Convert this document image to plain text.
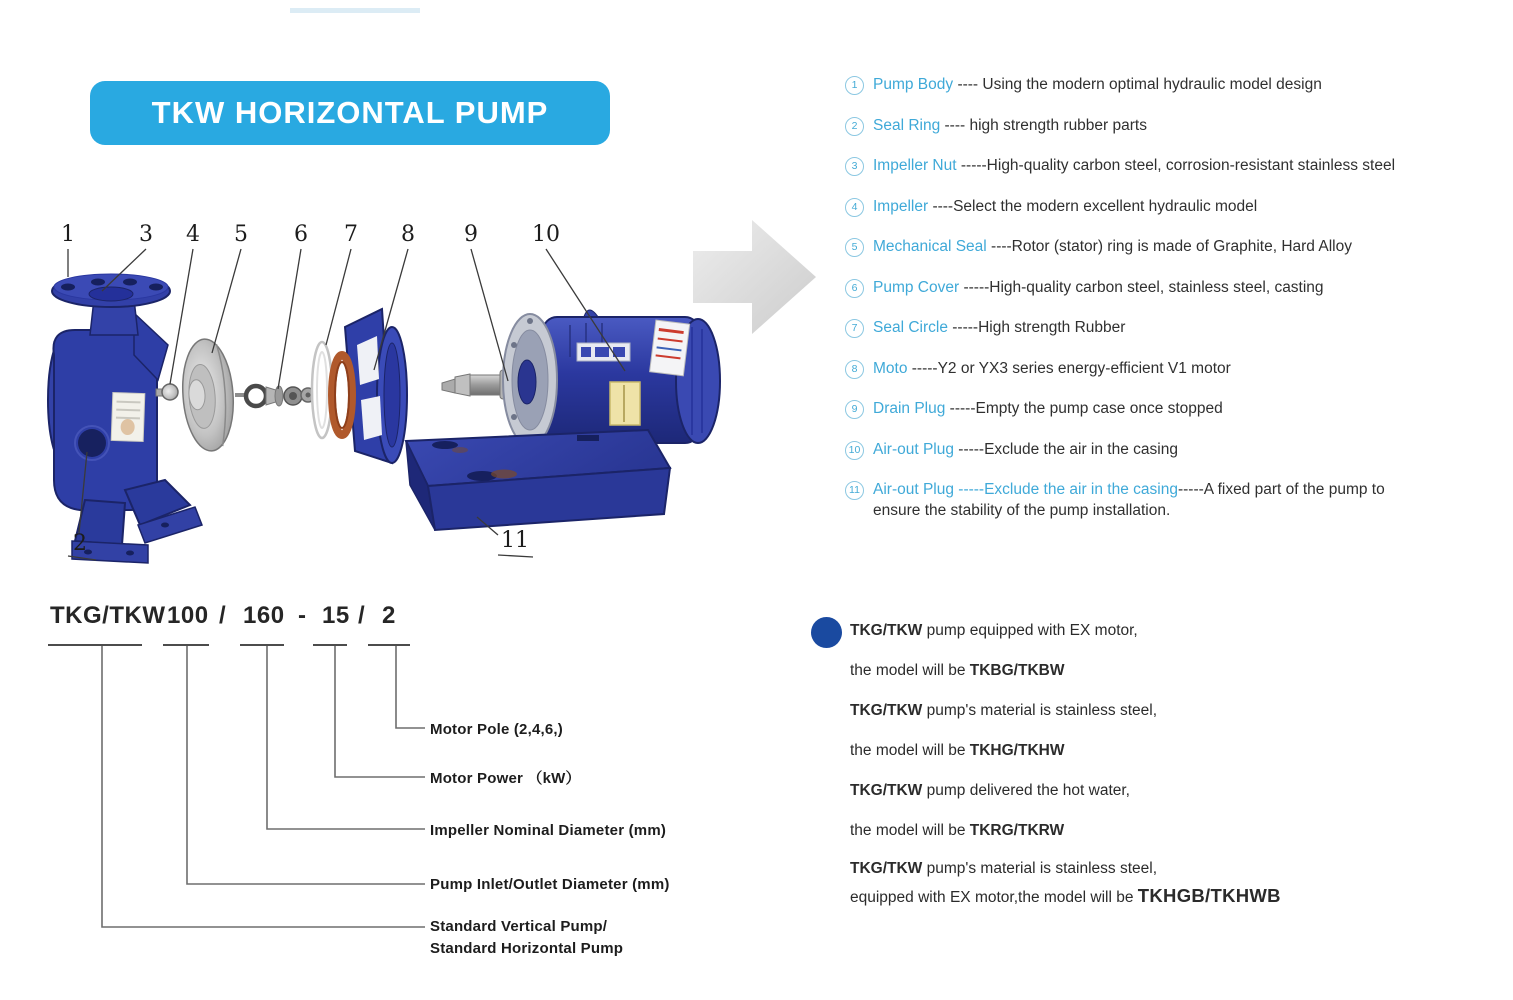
TKW HORIZONTAL PUMP
1	3 4 5 6 7 8 9 10
2	11
1	Pump Body ---- Using the modern optimal hydraulic model design
2	Seal Ring ---- high strength rubber parts
3	Impeller Nut -----High-quality carbon steel, corrosion-resistant stainless steel
4	Impeller ----Select the modern excellent hydraulic model
5	Mechanical Seal ----Rotor (stator) ring is made of Graphite, Hard Alloy
6	Pump Cover -----High-quality carbon steel, stainless steel, casting
7	Seal Circle -----High strength Rubber
8	Moto -----Y2 or YX3 series energy-efficient V1 motor
9	Drain Plug -----Empty the pump case once stopped
10 Air-out Plug -----Exclude the air in the casing
11 Air-out Plug -----Exclude the air in the casing-----A fixed part of the pump to
ensure the stability of the pump installation.
TKG/TKW 100 / 160 - 15 / 2
Motor Pole (2,4,6,)
Motor Power （kW）
Impeller Nominal Diameter (mm)
Pump Inlet/Outlet Diameter (mm)
Standard Vertical Pump/
Standard Horizontal Pump
TKG/TKW pump equipped with EX motor,
the model will be TKBG/TKBW
TKG/TKW pump's material is stainless steel,
the model will be TKHG/TKHW
TKG/TKW pump delivered the hot water,
the model will be TKRG/TKRW
TKG/TKW pump's material is stainless steel,
equipped with EX motor,the model will be TKHGB/TKHWB
